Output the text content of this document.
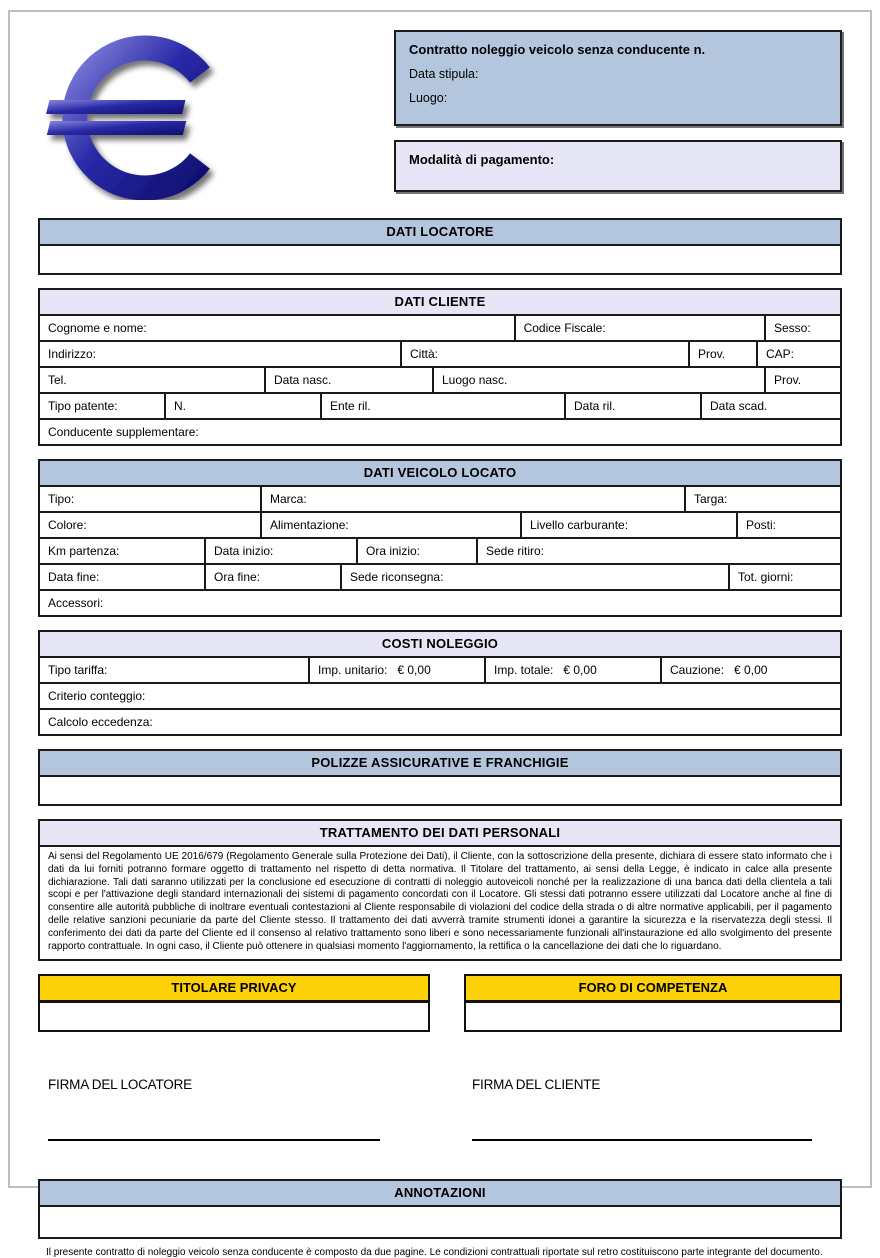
Contratto noleggio veicolo senza conducente n.
Data stipula:
Luogo:
Modalità di pagamento:
DATI LOCATORE
DATI CLIENTE
Cognome e nome:	Codice Fiscale:	Sesso:
Indirizzo:	Città:	Prov.	CAP:
Tel.	Data nasc.	Luogo nasc.	Prov.
Tipo patente:	N.	Ente ril.	Data ril.	Data scad.
Conducente supplementare:
DATI VEICOLO LOCATO
Tipo:	Marca:	Targa:
Colore:	Alimentazione:	Livello carburante:	Posti:
Km partenza:	Data inizio:	Ora inizio:	Sede ritiro:
Data fine:	Ora fine:	Sede riconsegna:	Tot. giorni:
Accessori:
COSTI NOLEGGIO
Tipo tariffa:	Imp. unitario: € 0,00	Imp. totale: € 0,00	Cauzione: € 0,00
Criterio conteggio:
Calcolo eccedenza:
POLIZZE ASSICURATIVE E FRANCHIGIE
TRATTAMENTO DEI DATI PERSONALI
Ai sensi del Regolamento UE 2016/679 (Regolamento Generale sulla Protezione dei Dati), il Cliente, con la sottoscrizione della presente, dichiara di essere stato informato che i dati da lui forniti potranno formare oggetto di trattamento nel rispetto di detta normativa. Il Titolare del trattamento, ai sensi della Legge, è indicato in calce alla presente dichiarazione. Tali dati saranno utilizzati per la conclusione ed esecuzione di contratti di noleggio autoveicoli nonché per la realizzazione di una banca dati della clientela a tali scopi e per l'attivazione degli standard internazionali dei sistemi di pagamento concordati con il Locatore. Gli stessi dati potranno essere utilizzati dal Locatore anche al fine di consentire alle autorità pubbliche di inoltrare eventuali contestazioni al Cliente responsabile di violazioni del codice della strada o di altre normative applicabili, per il pagamento delle relative sanzioni pecuniarie da parte del Cliente stesso. Il trattamento dei dati avverrà tramite strumenti idonei a garantire la sicurezza e la riservatezza degli stessi. Il conferimento dei dati da parte del Cliente ed il consenso al relativo trattamento sono liberi e sono necessariamente funzionali all'instaurazione ed allo svolgimento del presente rapporto contrattuale. In ogni caso, il Cliente può ottenere in qualsiasi momento l'aggiornamento, la rettifica o la cancellazione dei dati che lo riguardano.
TITOLARE PRIVACY	FORO DI COMPETENZA
FIRMA DEL LOCATORE	FIRMA DEL CLIENTE
ANNOTAZIONI
Il presente contratto di noleggio veicolo senza conducente è composto da due pagine. Le condizioni contrattuali riportate sul retro costituiscono parte integrante del documento.
